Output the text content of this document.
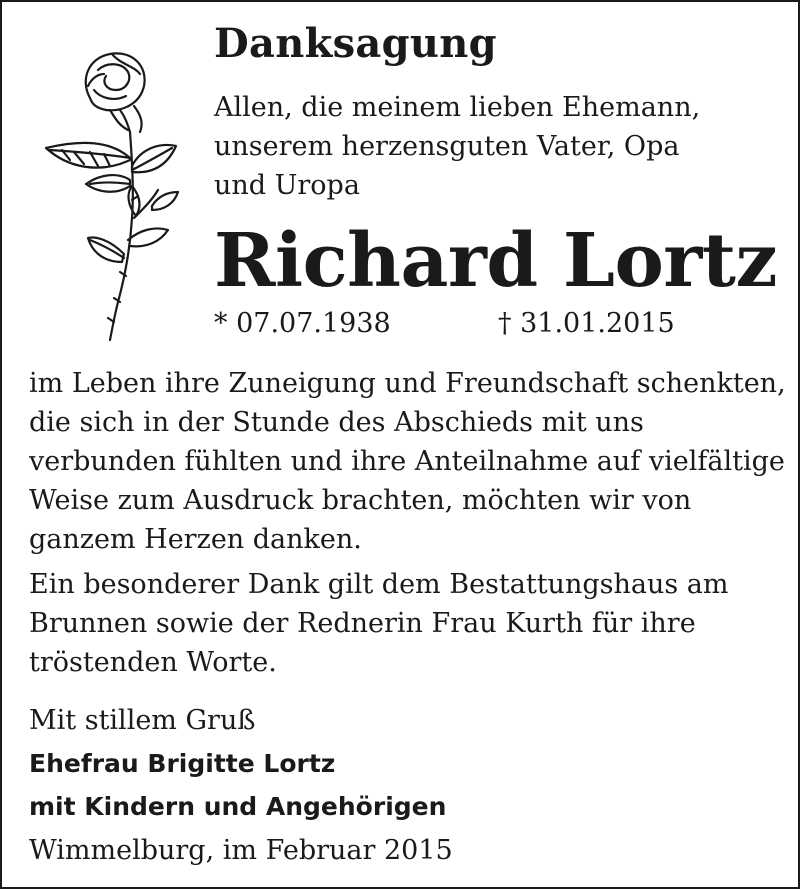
Danksagung
Allen, die meinem lieben Ehemann,
unserem herzensguten Vater, Opa
und Uropa
Richard Lortz
* 07.07.1938	† 31.01.2015
im Leben ihre Zuneigung und Freundschaft schenkten,
die sich in der Stunde des Abschieds mit uns
verbunden fühlten und ihre Anteilnahme auf vielfältige
Weise zum Ausdruck brachten, möchten wir von
ganzem Herzen danken.
Ein besonderer Dank gilt dem Bestattungshaus am
Brunnen sowie der Rednerin Frau Kurth für ihre
tröstenden Worte.
Mit stillem Gruß
Ehefrau Brigitte Lortz
mit Kindern und Angehörigen
Wimmelburg, im Februar 2015
